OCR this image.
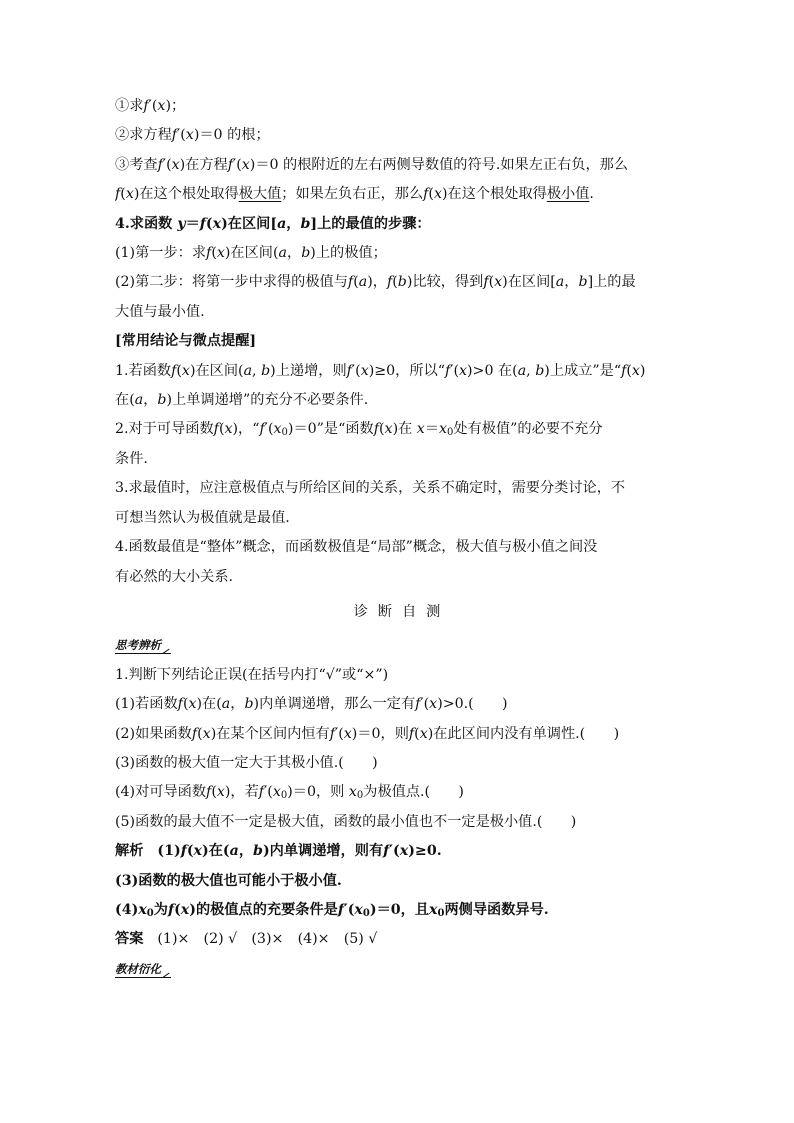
①求f′(x)；
②求方程f′(x)＝0 的根；
③考查f′(x)在方程f′(x)＝0 的根附近的左右两侧导数值的符号.如果左正右负，那么
f(x)在这个根处取得极大值；如果左负右正，那么f(x)在这个根处取得极小值.
4.求函数 y＝f(x)在区间[a，b]上的最值的步骤：
(1)第一步：求f(x)在区间(a，b)上的极值；
(2)第二步：将第一步中求得的极值与f(a)，f(b)比较，得到f(x)在区间[a，b]上的最
大值与最小值.
[常用结论与微点提醒]
1.若函数f(x)在区间(a, b)上递增，则f′(x)≥0，所以“f′(x)>0 在(a, b)上成立”是“f(x)
在(a，b)上单调递增”的充分不必要条件.
2.对于可导函数f(x)，“$f'(x_0)=0$”是“函数f(x)在 $x=x_0$处有极值”的必要不充分
条件.
3.求最值时，应注意极值点与所给区间的关系，关系不确定时，需要分类讨论，不
可想当然认为极值就是最值.
4.函数最值是“整体”概念，而函数极值是“局部”概念，极大值与极小值之间没
有必然的大小关系.
诊断自测
思考辨析
1.判断下列结论正误(在括号内打“√”或“×”)
(1)若函数f(x)在(a，b)内单调递增，那么一定有f′(x)>0.(　　)
(2)如果函数f(x)在某个区间内恒有f′(x)＝0，则f(x)在此区间内没有单调性.(　　)
(3)函数的极大值一定大于其极小值.(　　)
(4)对可导函数f(x)，若$f'(x_0)=0$，则 $x_0$为极值点.(　　)
(5)函数的最大值不一定是极大值，函数的最小值也不一定是极小值.(　　)
解析 (1)f(x)在(a，b)内单调递增，则有f′(x)≥0.
(3)函数的极大值也可能小于极小值.
$(4)x_0$为f(x)的极值点的充要条件是$f'(x_0)=0$，且$x_0$两侧导函数异号.
答案 (1)×　(2) √　(3)×　(4)×　(5) √
教材衍化
